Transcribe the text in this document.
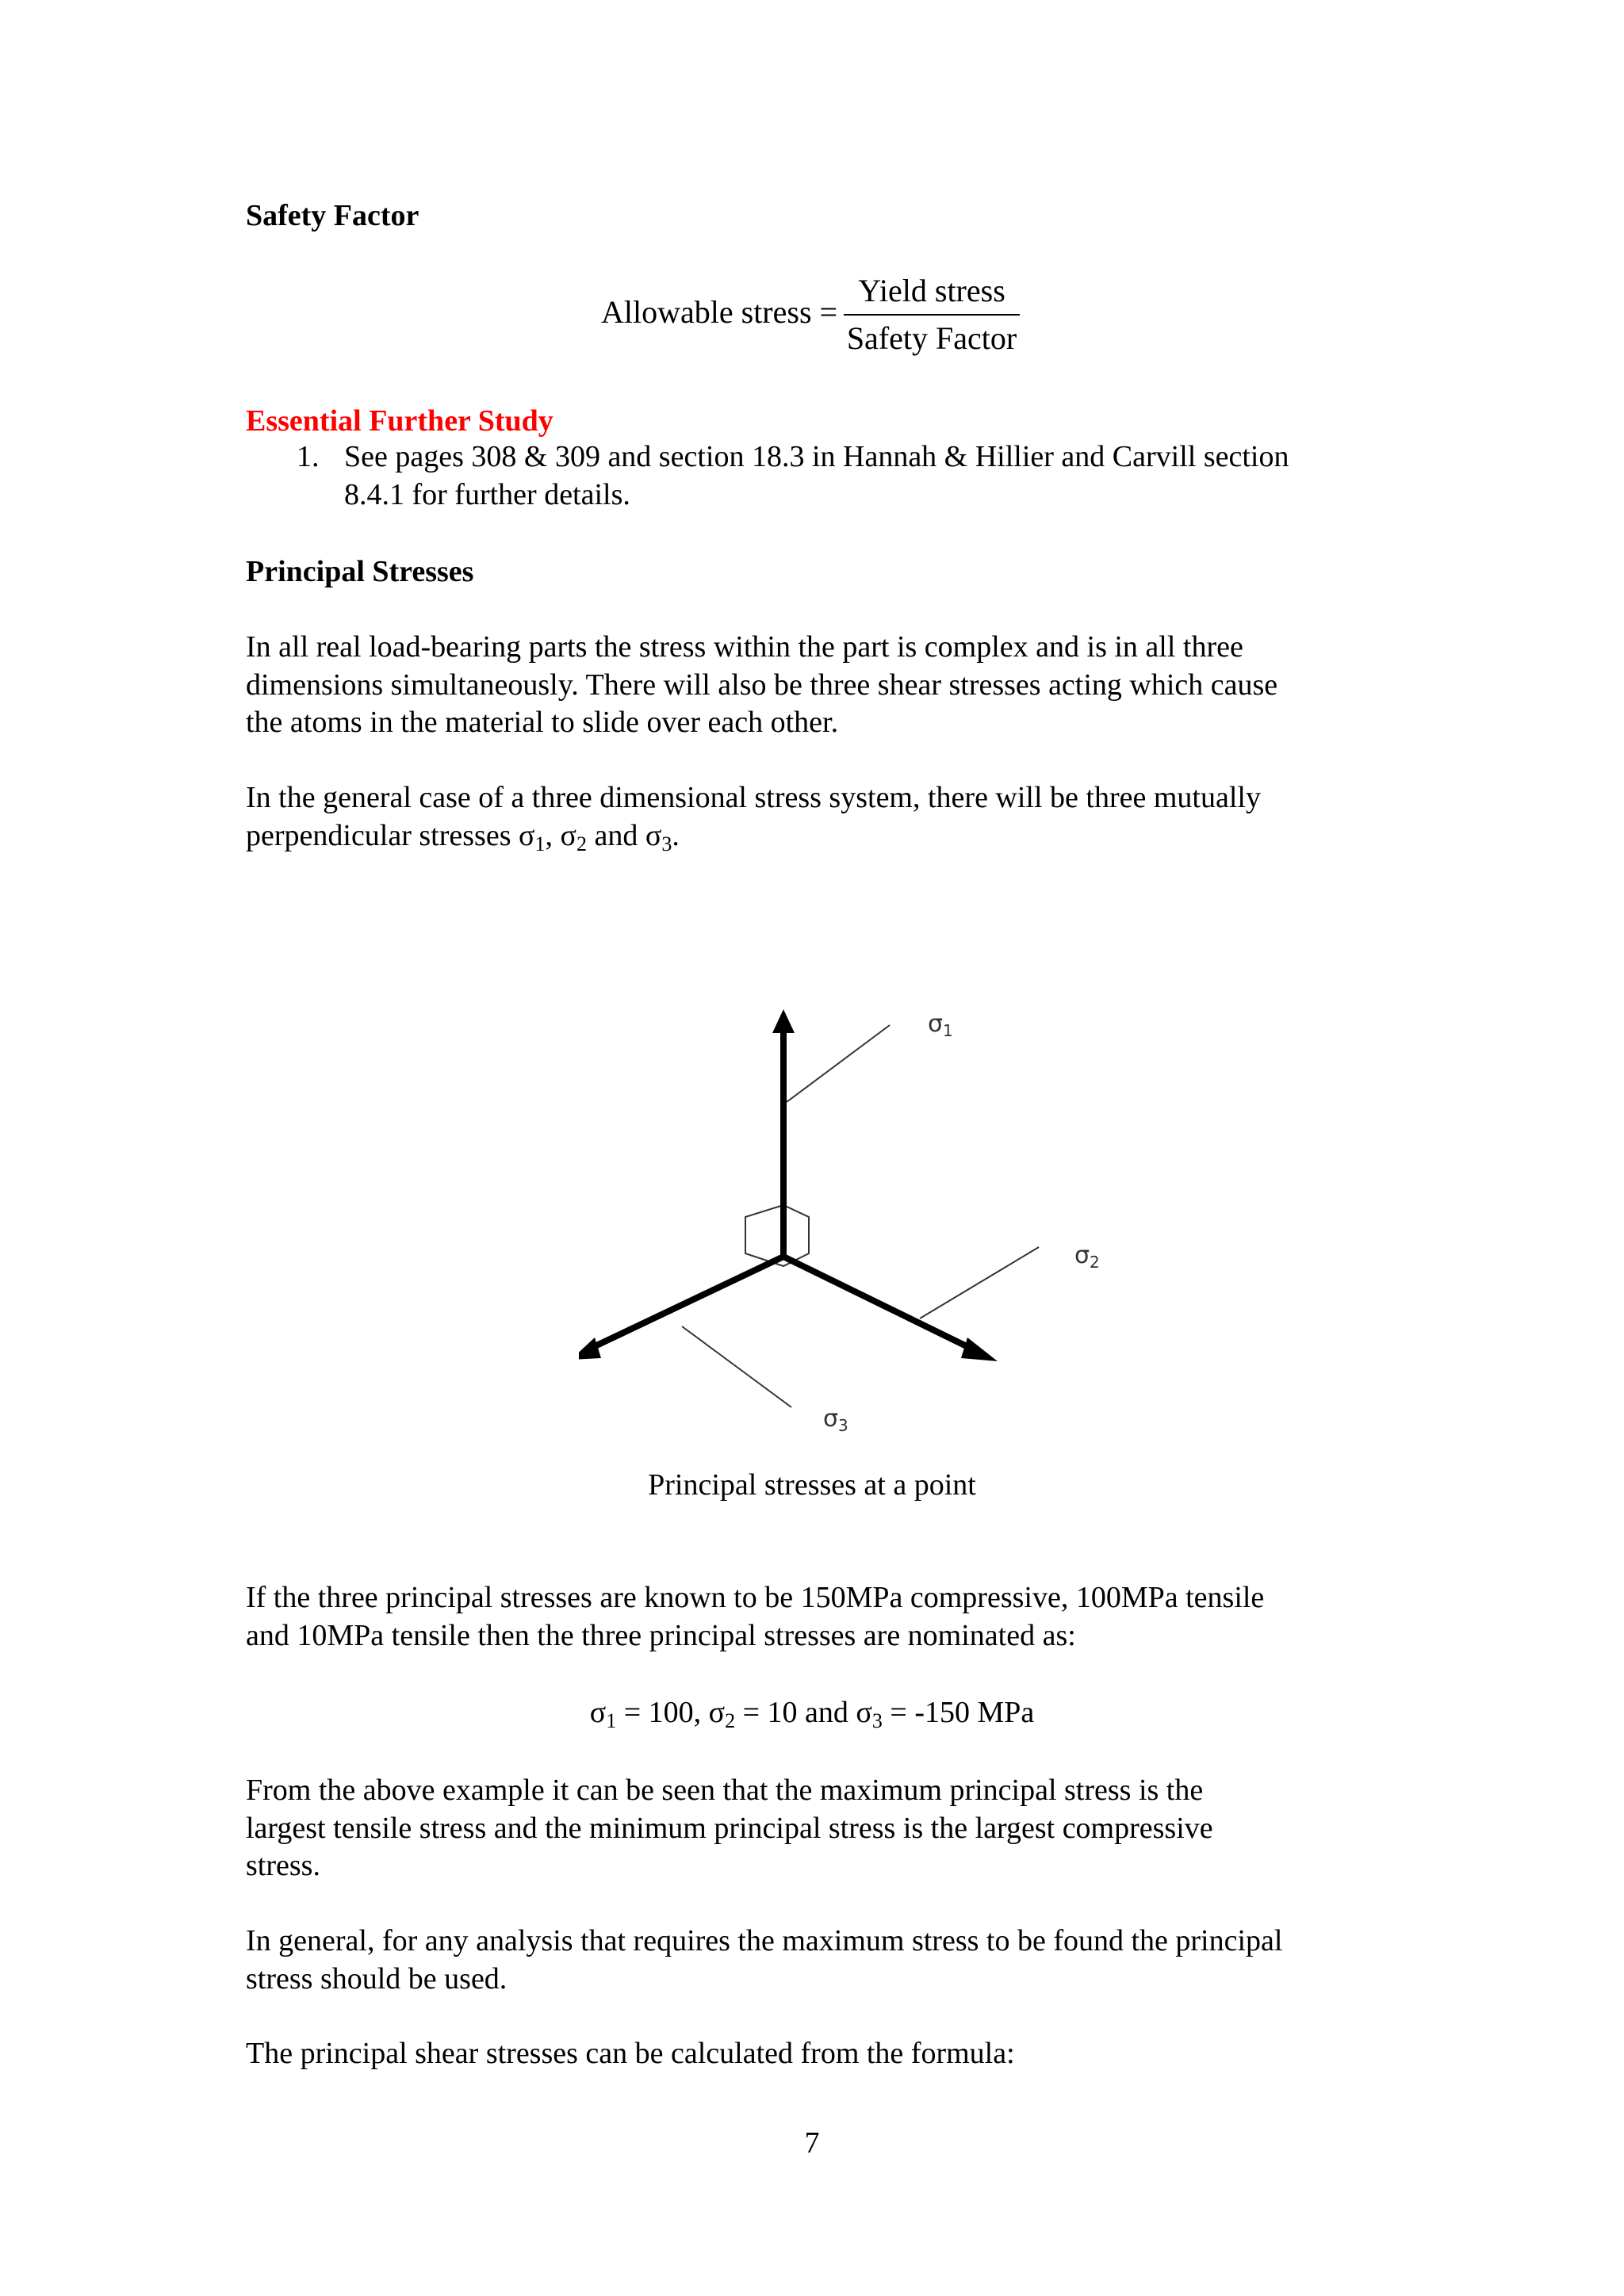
Safety Factor
Allowable stress =
Yield stress
Safety Factor
Essential Further Study
1. See pages 308 & 309 and section 18.3 in Hannah & Hillier and Carvill section
8.4.1 for further details.
Principal Stresses
In all real load-bearing parts the stress within the part is complex and is in all three
dimensions simultaneously. There will also be three shear stresses acting which cause
the atoms in the material to slide over each other.
In the general case of a three dimensional stress system, there will be three mutually
perpendicular stresses $\sigma_1$, $\sigma_2$ and $\sigma_3$.
$\sigma_1$
$\sigma_2$
$\sigma_3$
Principal stresses at a point
If the three principal stresses are known to be 150MPa compressive, 100MPa tensile
and 10MPa tensile then the three principal stresses are nominated as:
$\sigma_1 = 100$, $\sigma_2 = 10$ and $\sigma_3 = -150$ MPa
From the above example it can be seen that the maximum principal stress is the
largest tensile stress and the minimum principal stress is the largest compressive
stress.
In general, for any analysis that requires the maximum stress to be found the principal
stress should be used.
The principal shear stresses can be calculated from the formula:
7
